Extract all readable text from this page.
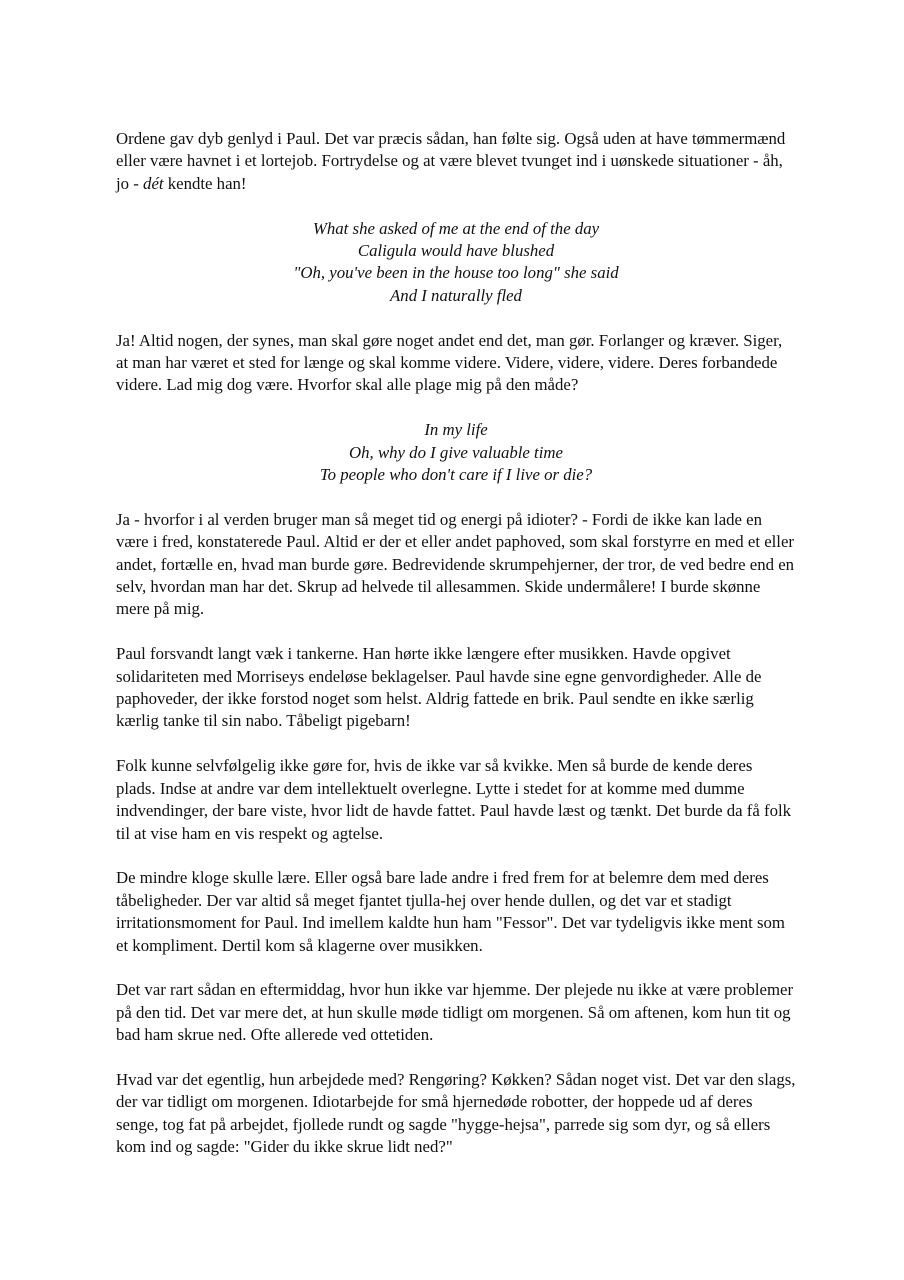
Ordene gav dyb genlyd i Paul. Det var præcis sådan, han følte sig. Også uden at have tømmermænd eller være havnet i et lortejob. Fortrydelse og at være blevet tvunget ind i uønskede situationer - åh, jo - dét kendte han!

What she asked of me at the end of the day
Caligula would have blushed
"Oh, you've been in the house too long" she said
And I naturally fled

Ja! Altid nogen, der synes, man skal gøre noget andet end det, man gør. Forlanger og kræver. Siger, at man har været et sted for længe og skal komme videre. Videre, videre, videre. Deres forbandede videre. Lad mig dog være. Hvorfor skal alle plage mig på den måde?

In my life
Oh, why do I give valuable time
To people who don't care if I live or die?

Ja - hvorfor i al verden bruger man så meget tid og energi på idioter? - Fordi de ikke kan lade en være i fred, konstaterede Paul. Altid er der et eller andet paphoved, som skal forstyrre en med et eller andet, fortælle en, hvad man burde gøre. Bedrevidende skrumpehjerner, der tror, de ved bedre end en selv, hvordan man har det. Skrup ad helvede til allesammen. Skide undermålere! I burde skønne mere på mig.

Paul forsvandt langt væk i tankerne. Han hørte ikke længere efter musikken. Havde opgivet solidariteten med Morriseys endeløse beklagelser. Paul havde sine egne genvordigheder. Alle de paphoveder, der ikke forstod noget som helst. Aldrig fattede en brik. Paul sendte en ikke særlig kærlig tanke til sin nabo. Tåbeligt pigebarn!

Folk kunne selvfølgelig ikke gøre for, hvis de ikke var så kvikke. Men så burde de kende deres plads. Indse at andre var dem intellektuelt overlegne. Lytte i stedet for at komme med dumme indvendinger, der bare viste, hvor lidt de havde fattet. Paul havde læst og tænkt. Det burde da få folk til at vise ham en vis respekt og agtelse.

De mindre kloge skulle lære. Eller også bare lade andre i fred frem for at belemre dem med deres tåbeligheder. Der var altid så meget fjantet tjulla-hej over hende dullen, og det var et stadigt irritationsmoment for Paul. Ind imellem kaldte hun ham "Fessor". Det var tydeligvis ikke ment som et kompliment. Dertil kom så klagerne over musikken.

Det var rart sådan en eftermiddag, hvor hun ikke var hjemme. Der plejede nu ikke at være problemer på den tid. Det var mere det, at hun skulle møde tidligt om morgenen. Så om aftenen, kom hun tit og bad ham skrue ned. Ofte allerede ved ottetiden.

Hvad var det egentlig, hun arbejdede med? Rengøring? Køkken? Sådan noget vist. Det var den slags, der var tidligt om morgenen. Idiotarbejde for små hjernedøde robotter, der hoppede ud af deres senge, tog fat på arbejdet, fjollede rundt og sagde "hygge-hejsa", parrede sig som dyr, og så ellers kom ind og sagde: "Gider du ikke skrue lidt ned?"
